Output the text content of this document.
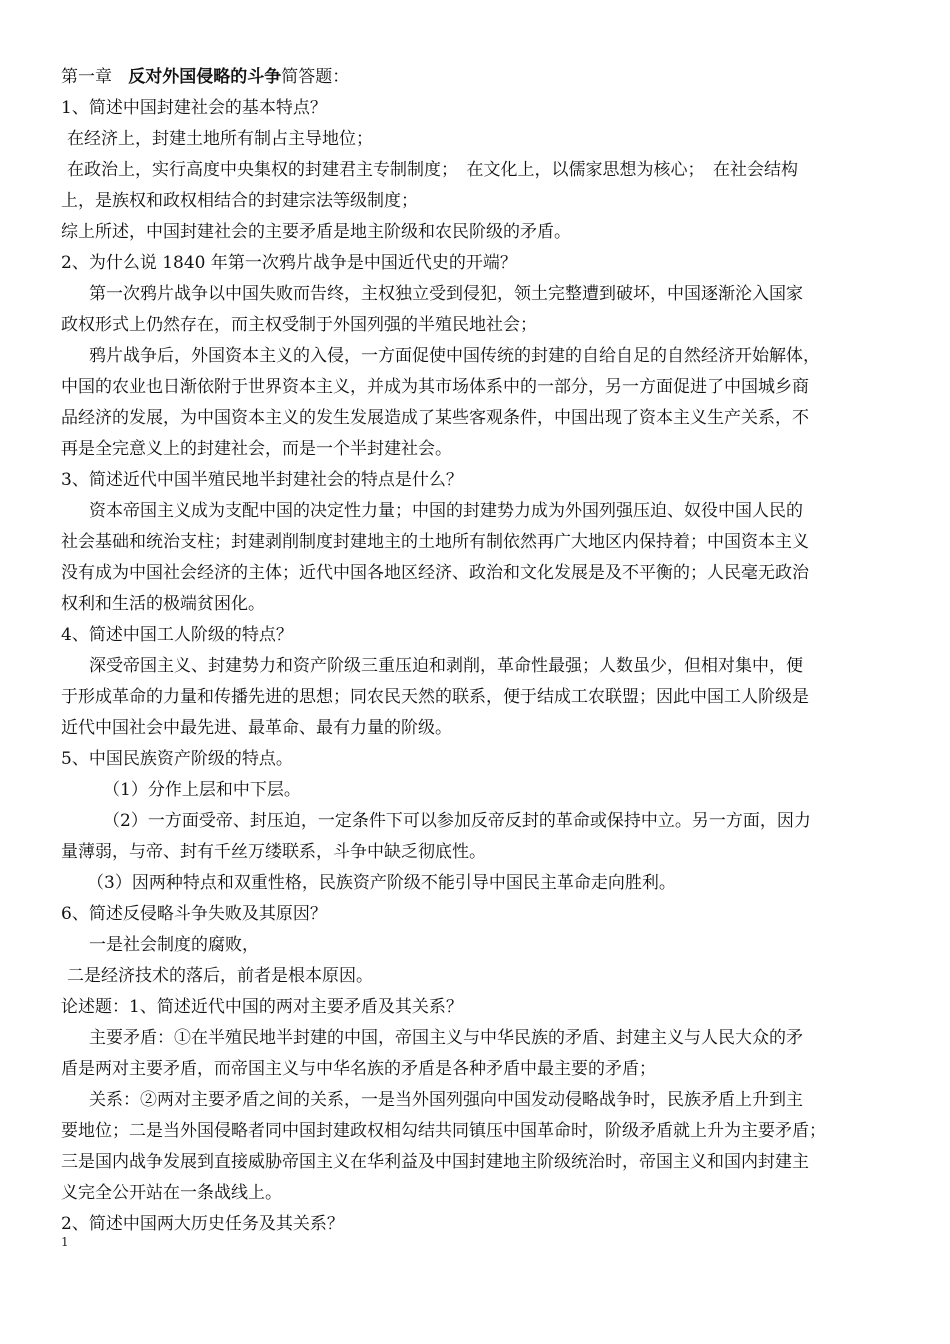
第一章 反对外国侵略的斗争简答题：
1、简述中国封建社会的基本特点？
在经济上，封建土地所有制占主导地位；
在政治上，实行高度中央集权的封建君主专制制度；　在文化上，以儒家思想为核心；　在社会结构
上，是族权和政权相结合的封建宗法等级制度；
综上所述，中国封建社会的主要矛盾是地主阶级和农民阶级的矛盾。
2、为什么说 1840 年第一次鸦片战争是中国近代史的开端？
第一次鸦片战争以中国失败而告终，主权独立受到侵犯，领土完整遭到破坏，中国逐渐沦入国家
政权形式上仍然存在，而主权受制于外国列强的半殖民地社会；
鸦片战争后，外国资本主义的入侵，一方面促使中国传统的封建的自给自足的自然经济开始解体，
中国的农业也日渐依附于世界资本主义，并成为其市场体系中的一部分，另一方面促进了中国城乡商
品经济的发展，为中国资本主义的发生发展造成了某些客观条件，中国出现了资本主义生产关系，不
再是全完意义上的封建社会，而是一个半封建社会。
3、简述近代中国半殖民地半封建社会的特点是什么？
资本帝国主义成为支配中国的决定性力量；中国的封建势力成为外国列强压迫、奴役中国人民的
社会基础和统治支柱；封建剥削制度封建地主的土地所有制依然再广大地区内保持着；中国资本主义
没有成为中国社会经济的主体；近代中国各地区经济、政治和文化发展是及不平衡的；人民毫无政治
权利和生活的极端贫困化。
4、简述中国工人阶级的特点？
深受帝国主义、封建势力和资产阶级三重压迫和剥削，革命性最强；人数虽少，但相对集中，便
于形成革命的力量和传播先进的思想；同农民天然的联系，便于结成工农联盟；因此中国工人阶级是
近代中国社会中最先进、最革命、最有力量的阶级。
5、中国民族资产阶级的特点。
（1）分作上层和中下层。
（2）一方面受帝、封压迫，一定条件下可以参加反帝反封的革命或保持中立。另一方面，因力
量薄弱，与帝、封有千丝万缕联系，斗争中缺乏彻底性。
（3）因两种特点和双重性格，民族资产阶级不能引导中国民主革命走向胜利。
6、简述反侵略斗争失败及其原因？
一是社会制度的腐败，
二是经济技术的落后，前者是根本原因。
论述题：1、简述近代中国的两对主要矛盾及其关系？
主要矛盾：①在半殖民地半封建的中国，帝国主义与中华民族的矛盾、封建主义与人民大众的矛
盾是两对主要矛盾，而帝国主义与中华名族的矛盾是各种矛盾中最主要的矛盾；
关系：②两对主要矛盾之间的关系，一是当外国列强向中国发动侵略战争时，民族矛盾上升到主
要地位；二是当外国侵略者同中国封建政权相勾结共同镇压中国革命时，阶级矛盾就上升为主要矛盾；
三是国内战争发展到直接威胁帝国主义在华利益及中国封建地主阶级统治时，帝国主义和国内封建主
义完全公开站在一条战线上。
2、简述中国两大历史任务及其关系？
1
